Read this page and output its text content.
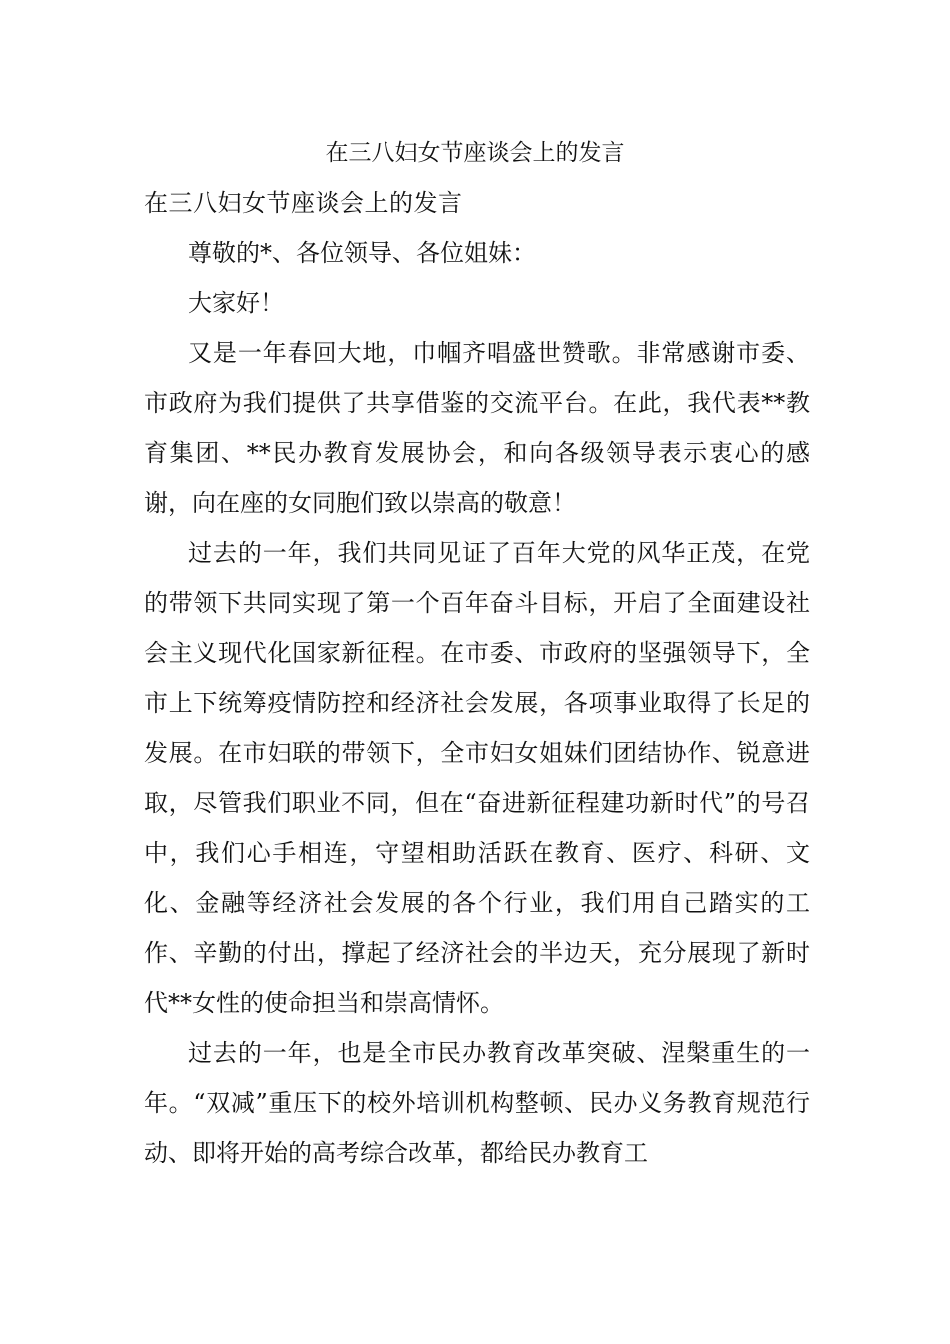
在三八妇女节座谈会上的发言

在三八妇女节座谈会上的发言

尊敬的*、各位领导、各位姐妹：

大家好！

又是一年春回大地，巾帼齐唱盛世赞歌。非常感谢市委、市政府为我们提供了共享借鉴的交流平台。在此，我代表**教育集团、**民办教育发展协会，和向各级领导表示衷心的感谢，向在座的女同胞们致以崇高的敬意！

过去的一年，我们共同见证了百年大党的风华正茂，在党的带领下共同实现了第一个百年奋斗目标，开启了全面建设社会主义现代化国家新征程。在市委、市政府的坚强领导下，全市上下统筹疫情防控和经济社会发展，各项事业取得了长足的发展。在市妇联的带领下，全市妇女姐妹们团结协作、锐意进取，尽管我们职业不同，但在“奋进新征程建功新时代”的号召中，我们心手相连，守望相助活跃在教育、医疗、科研、文化、金融等经济社会发展的各个行业，我们用自己踏实的工作、辛勤的付出，撑起了经济社会的半边天，充分展现了新时代**女性的使命担当和崇高情怀。

过去的一年，也是全市民办教育改革突破、涅槃重生的一年。“双减”重压下的校外培训机构整顿、民办义务教育规范行动、即将开始的高考综合改革，都给民办教育工
